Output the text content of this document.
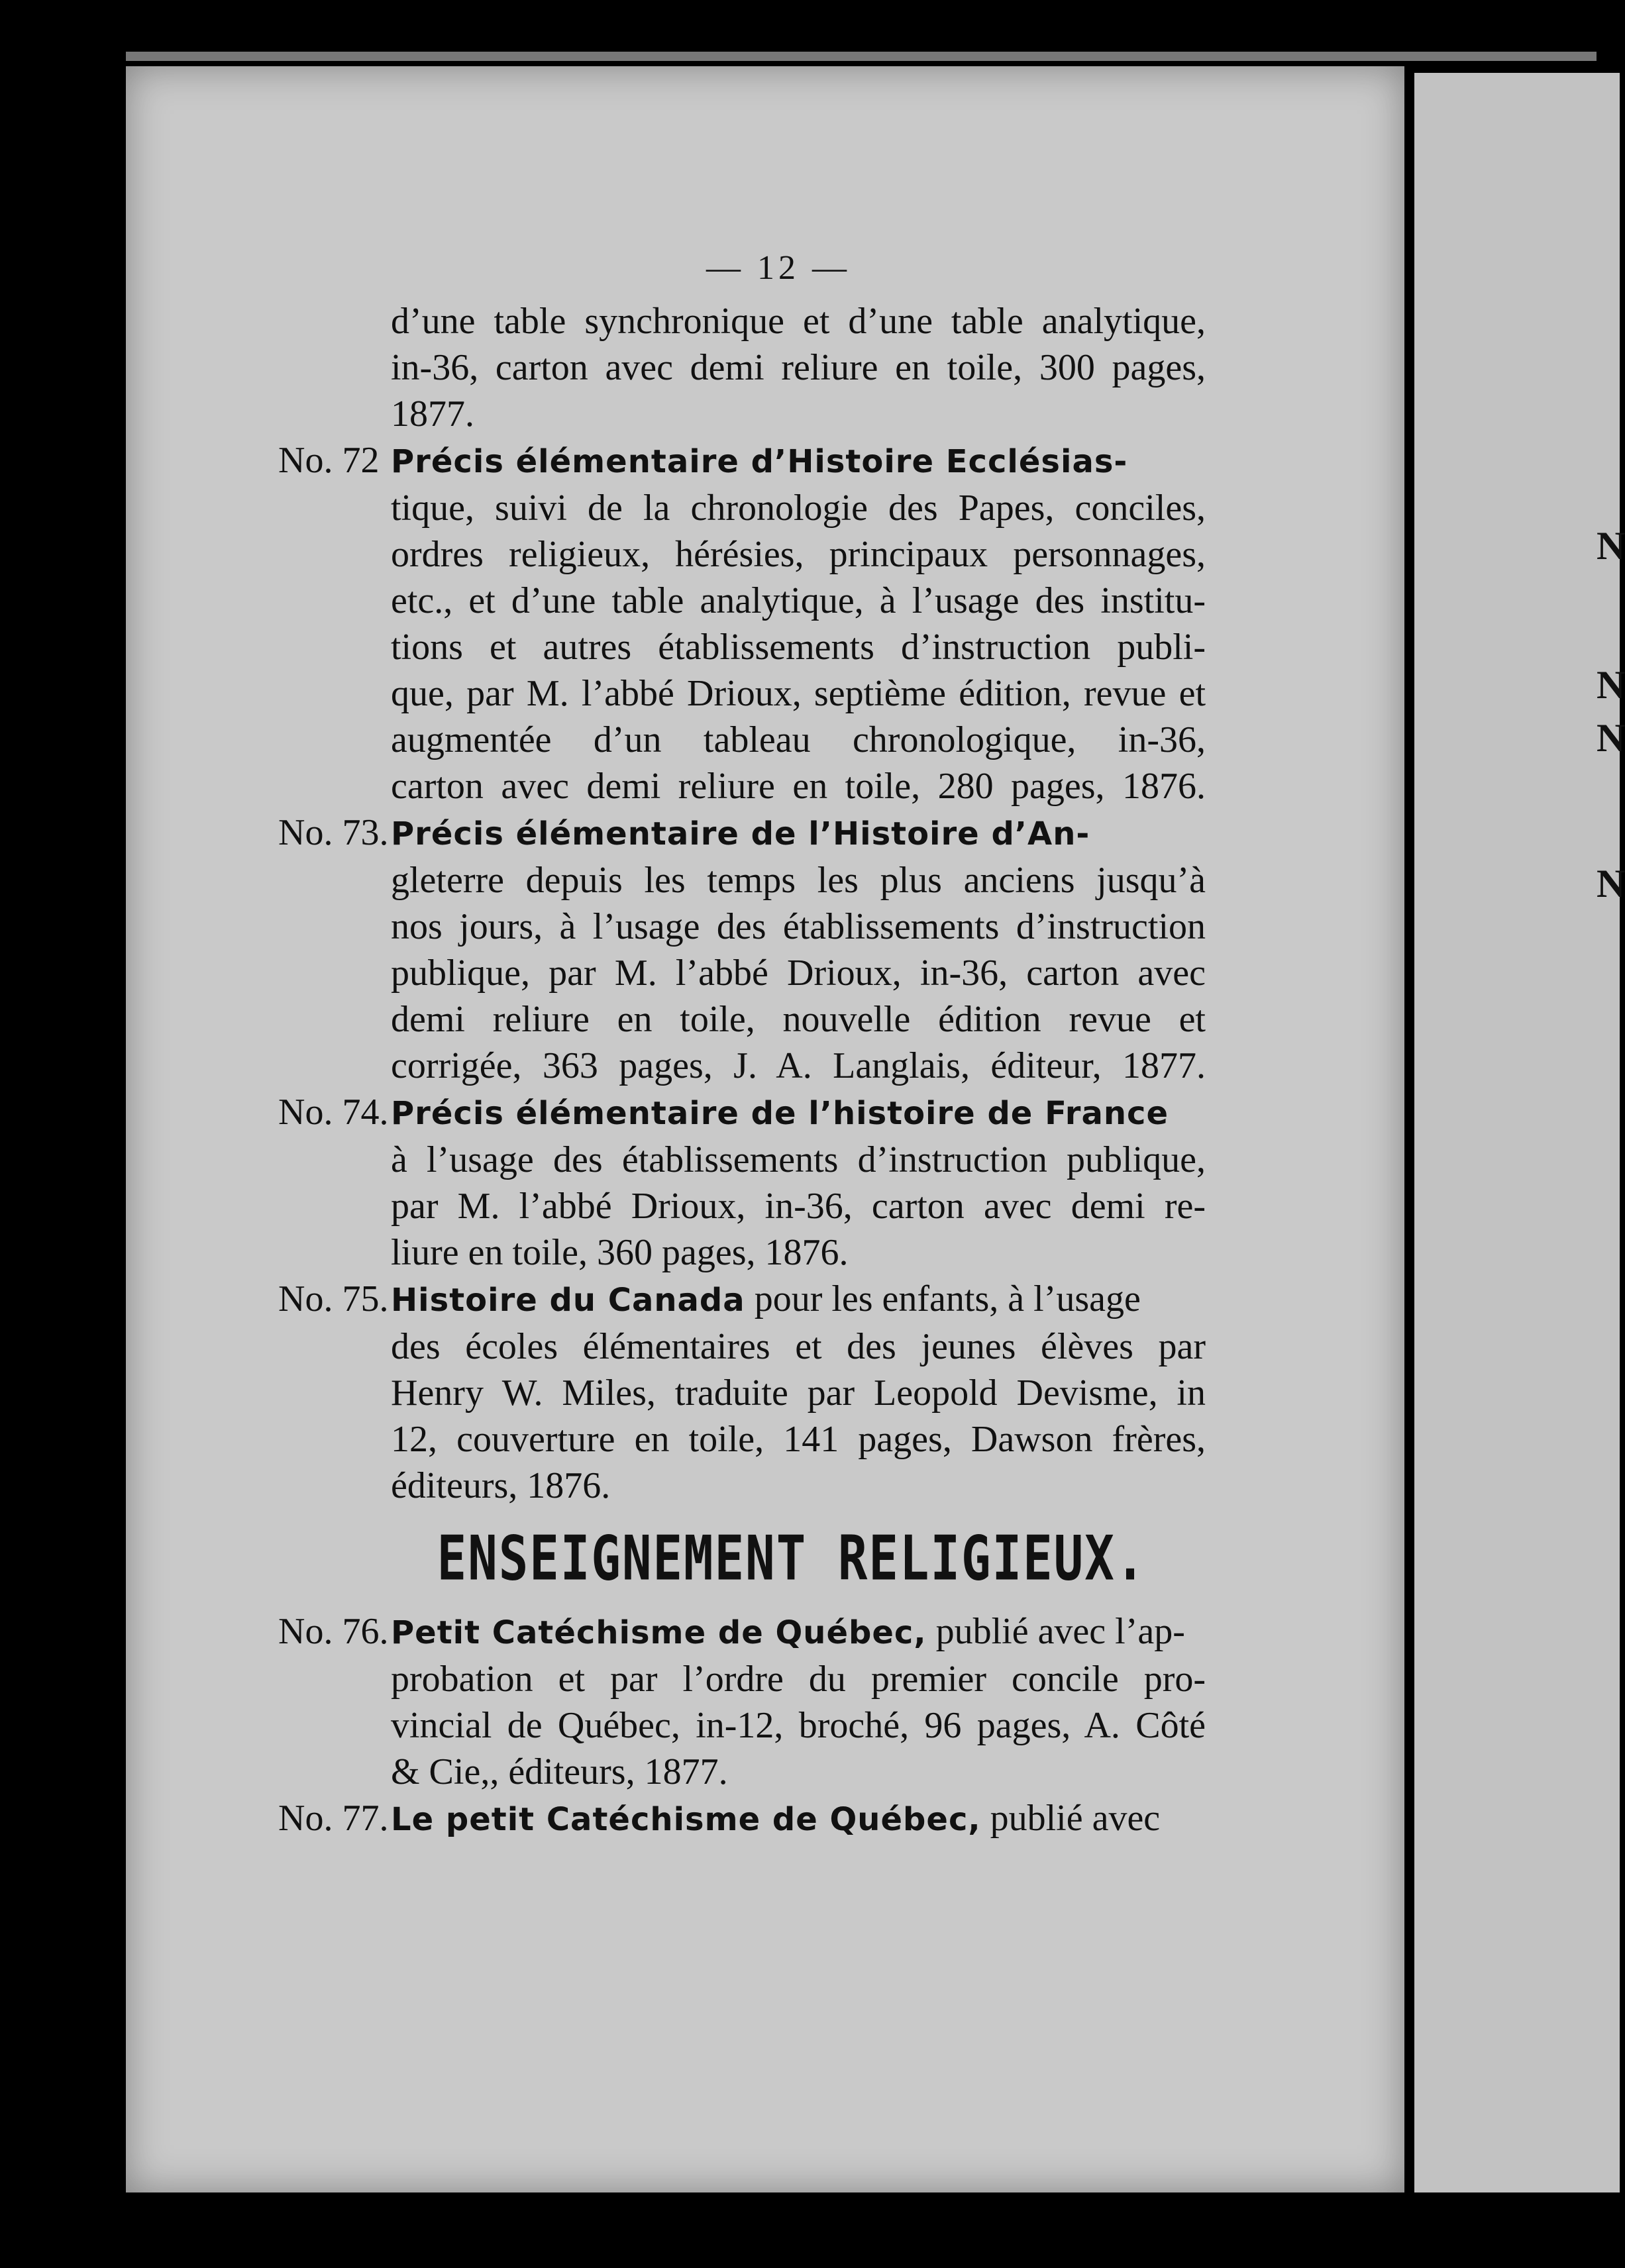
N
N
N
N
— 12 —
d’une table synchronique et d’une table analytique,
in-36, carton avec demi reliure en toile, 300 pages,
1877.
No. 72 Précis élémentaire d’Histoire Ecclésias-
tique, suivi de la chronologie des Papes, conciles,
ordres religieux, hérésies, principaux personnages,
etc., et d’une table analytique, à l’usage des institu-
tions et autres établissements d’instruction publi-
que, par M. l’abbé Drioux, septième édition, revue et
augmentée d’un tableau chronologique, in-36,
carton avec demi reliure en toile, 280 pages, 1876.
No. 73.Précis élémentaire de l’Histoire d’An-
gleterre depuis les temps les plus anciens jusqu’à
nos jours, à l’usage des établissements d’instruction
publique, par M. l’abbé Drioux, in-36, carton avec
demi reliure en toile, nouvelle édition revue et
corrigée, 363 pages, J. A. Langlais, éditeur, 1877.
No. 74.Précis élémentaire de l’histoire de France
à l’usage des établissements d’instruction publique,
par M. l’abbé Drioux, in-36, carton avec demi re-
liure en toile, 360 pages, 1876.
No. 75.Histoire du Canada pour les enfants, à l’usage
des écoles élémentaires et des jeunes élèves par
Henry W. Miles, traduite par Leopold Devisme, in
12, couverture en toile, 141 pages, Dawson frères,
éditeurs, 1876.
ENSEIGNEMENT RELIGIEUX.
No. 76.Petit Catéchisme de Québec, publié avec l’ap-
probation et par l’ordre du premier concile pro-
vincial de Québec, in-12, broché, 96 pages, A. Côté
& Cie,, éditeurs, 1877.
No. 77.Le petit Catéchisme de Québec, publié avec
